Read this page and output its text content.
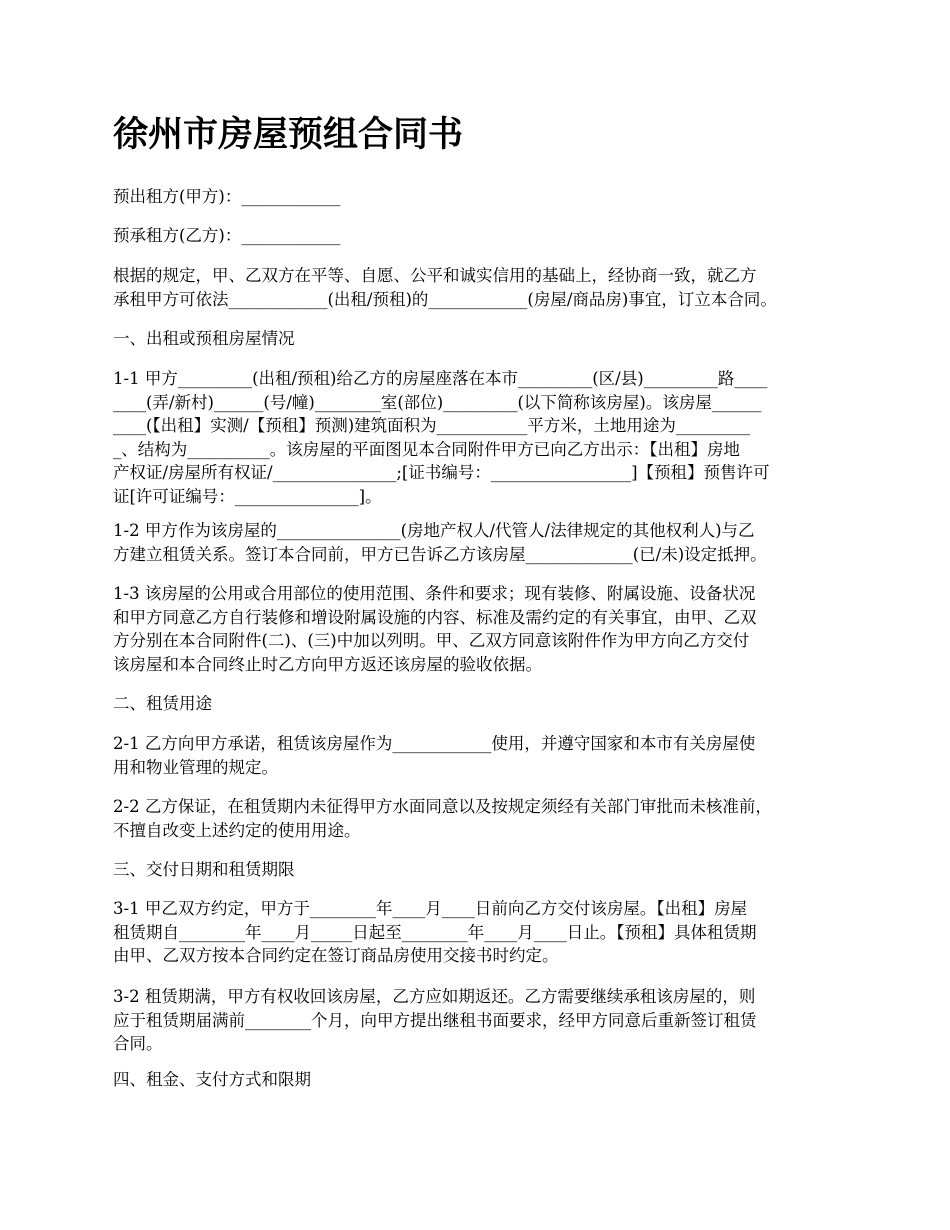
徐州市房屋预组合同书

预出租方(甲方)：____________

预承租方(乙方)：____________

根据的规定，甲、乙双方在平等、自愿、公平和诚实信用的基础上，经协商一致，就乙方
承租甲方可依法____________(出租/预租)的____________(房屋/商品房)事宜，订立本合同。

一、出租或预租房屋情况

1-1 甲方_________(出租/预租)给乙方的房屋座落在本市_________(区/县)_________路____
____(弄/新村)______(号/幢)________室(部位)_________(以下简称该房屋)。该房屋______
____(【出租】实测/【预租】预测)建筑面积为___________平方米，土地用途为_________
_、结构为__________。该房屋的平面图见本合同附件甲方已向乙方出示：【出租】房地
产权证/房屋所有权证/_______________;[证书编号：_________________]【预租】预售许可
证[许可证编号：_______________]。

1-2 甲方作为该房屋的_______________(房地产权人/代管人/法律规定的其他权利人)与乙
方建立租赁关系。签订本合同前，甲方已告诉乙方该房屋_____________(已/未)设定抵押。

1-3 该房屋的公用或合用部位的使用范围、条件和要求；现有装修、附属设施、设备状况
和甲方同意乙方自行装修和增设附属设施的内容、标准及需约定的有关事宜，由甲、乙双
方分别在本合同附件(二)、(三)中加以列明。甲、乙双方同意该附件作为甲方向乙方交付
该房屋和本合同终止时乙方向甲方返还该房屋的验收依据。

二、租赁用途

2-1 乙方向甲方承诺，租赁该房屋作为____________使用，并遵守国家和本市有关房屋使
用和物业管理的规定。

2-2 乙方保证，在租赁期内未征得甲方水面同意以及按规定须经有关部门审批而未核准前，
不擅自改变上述约定的使用用途。

三、交付日期和租赁期限

3-1 甲乙双方约定，甲方于________年____月____日前向乙方交付该房屋。【出租】房屋
租赁期自________年____月_____日起至________年____月____日止。【预租】具体租赁期
由甲、乙双方按本合同约定在签订商品房使用交接书时约定。

3-2 租赁期满，甲方有权收回该房屋，乙方应如期返还。乙方需要继续承租该房屋的，则
应于租赁期届满前________个月，向甲方提出继租书面要求，经甲方同意后重新签订租赁
合同。

四、租金、支付方式和限期
